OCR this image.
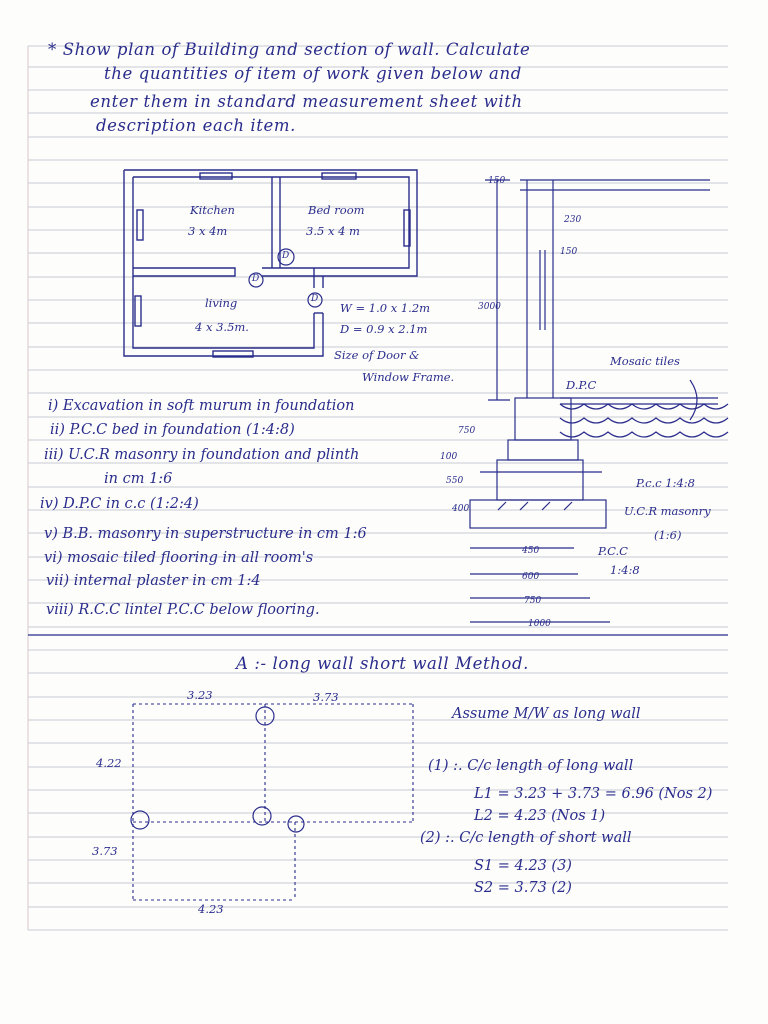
* Show plan of Building and section of wall. Calculate
the quantities of item of work given below and
enter them in standard measurement sheet with
description each item.
Kitchen
3 x 4m
Bed room
3.5 x 4 m
living
4 x 3.5m.
D
D
D
W = 1.0 x 1.2m
D = 0.9 x 2.1m
Size of Door &
Window Frame.
150
230
150
3000
Mosaic tiles
D.P.C
750
100
550
400
P.c.c 1:4:8
U.C.R masonry
(1:6)
P.C.C
1:4:8
450
600
750
1000
i) Excavation in soft murum in foundation
ii) P.C.C bed in foundation (1:4:8)
iii) U.C.R masonry in foundation and plinth
in cm 1:6
iv) D.P.C in c.c (1:2:4)
v) B.B. masonry in superstructure in cm 1:6
vi) mosaic tiled flooring in all room's
vii) internal plaster in cm 1:4
viii) R.C.C lintel P.C.C below flooring.
A :- long wall short wall Method.
3.23	3.73
4.22
3.73
4.23
Assume M/W as long wall
(1) :. C/c length of long wall
L1 = 3.23 + 3.73 = 6.96 (Nos 2)
L2 = 4.23 (Nos 1)
(2) :. C/c length of short wall
S1 = 4.23 (3)
S2 = 3.73 (2)
